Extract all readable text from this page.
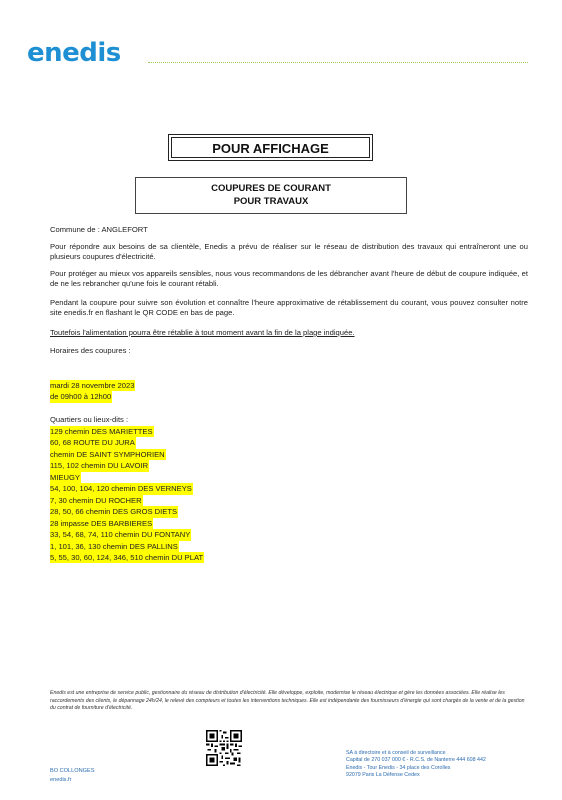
enedis
POUR AFFICHAGE
COUPURES DE COURANT
POUR TRAVAUX
Commune de : ANGLEFORT
Pour répondre aux besoins de sa clientèle, Enedis a prévu de réaliser sur le réseau de distribution des travaux qui entraîneront une ou plusieurs coupures d'électricité.
Pour protéger au mieux vos appareils sensibles, nous vous recommandons de les débrancher avant l'heure de début de coupure indiquée, et de ne les rebrancher qu'une fois le courant rétabli.
Pendant la coupure pour suivre son évolution et connaître l'heure approximative de rétablissement du courant, vous pouvez consulter notre site enedis.fr en flashant le QR CODE en bas de page.
Toutefois l'alimentation pourra être rétablie à tout moment avant la fin de la plage indiquée.
Horaires des coupures :
mardi 28 novembre 2023
de 09h00 à 12h00
Quartiers ou lieux-dits :
129 chemin DES MARIETTES
60, 68 ROUTE DU JURA
chemin DE SAINT SYMPHORIEN
115, 102 chemin DU LAVOIR
MIEUGY
54, 100, 104, 120 chemin DES VERNEYS
7, 30 chemin DU ROCHER
28, 50, 66 chemin DES GROS DIETS
28 impasse DES BARBIERES
33, 54, 68, 74, 110 chemin DU FONTANY
1, 101, 36, 130 chemin DES PALLINS
5, 55, 30, 60, 124, 346, 510 chemin DU PLAT
Enedis est une entreprise de service public, gestionnaire du réseau de distribution d'électricité. Elle développe, exploite, modernise le réseau électrique et gère les données associées. Elle réalise les raccordements des clients, le dépannage 24h/24, le relevé des compteurs et toutes les interventions techniques. Elle est indépendante des fournisseurs d'énergie qui sont chargés de la vente et de la gestion du contrat de fourniture d'électricité.
BO COLLONGES
enedis.fr
SA à directoire et à conseil de surveillance
Capital de 270 037 000 € - R.C.S. de Nanterre 444 608 442
Enedis - Tour Enedis - 34 place des Corolles
92079 Paris La Défense Cedex
